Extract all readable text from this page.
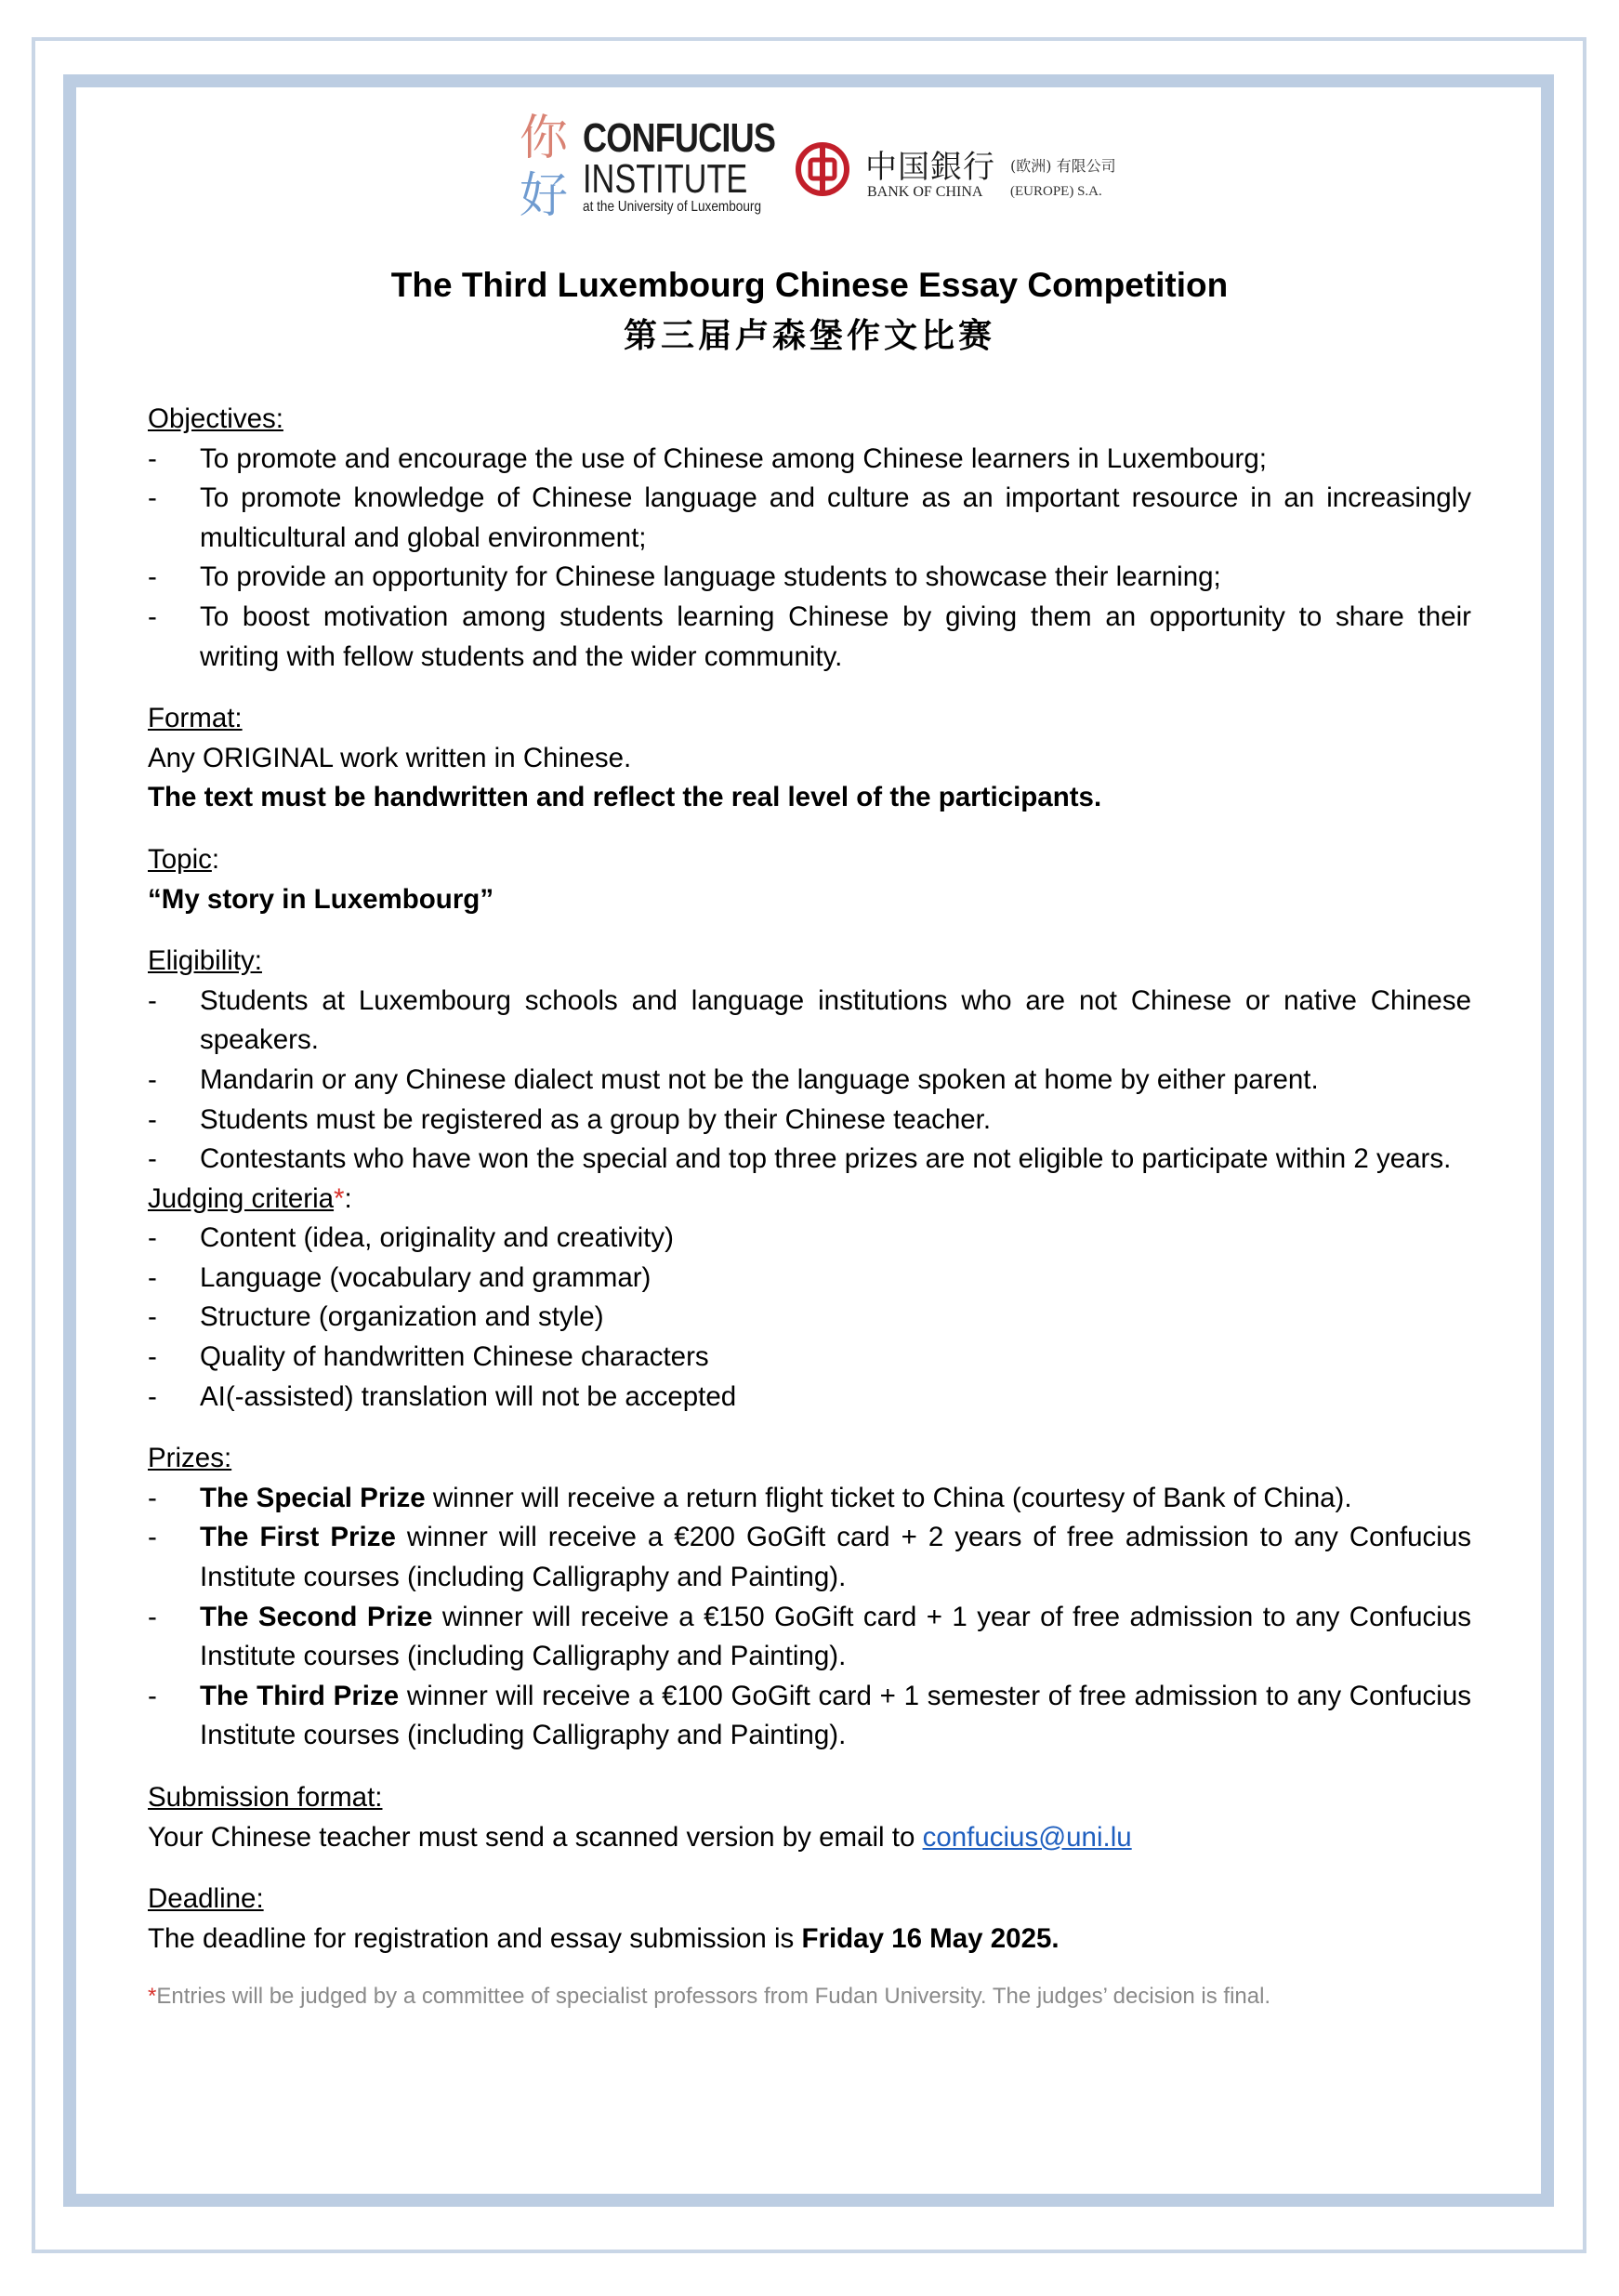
你
好
CONFUCIUS
INSTITUTE
at the University of Luxembourg
中国銀行 (欧洲) 有限公司
BANK OF CHINA (EUROPE) S.A.
The Third Luxembourg Chinese Essay Competition
第三届卢森堡作文比赛
Objectives:
- To promote and encourage the use of Chinese among Chinese learners in Luxembourg;
- To promote knowledge of Chinese language and culture as an important resource in an increasingly multicultural and global environment;
- To provide an opportunity for Chinese language students to showcase their learning;
- To boost motivation among students learning Chinese by giving them an opportunity to share their writing with fellow students and the wider community.
Format:
Any ORIGINAL work written in Chinese.
The text must be handwritten and reflect the real level of the participants.
Topic:
“My story in Luxembourg”
Eligibility:
- Students at Luxembourg schools and language institutions who are not Chinese or native Chinese speakers.
- Mandarin or any Chinese dialect must not be the language spoken at home by either parent.
- Students must be registered as a group by their Chinese teacher.
- Contestants who have won the special and top three prizes are not eligible to participate within 2 years.
Judging criteria*:
- Content (idea, originality and creativity)
- Language (vocabulary and grammar)
- Structure (organization and style)
- Quality of handwritten Chinese characters
- AI(-assisted) translation will not be accepted
Prizes:
- The Special Prize winner will receive a return flight ticket to China (courtesy of Bank of China).
- The First Prize winner will receive a €200 GoGift card + 2 years of free admission to any Confucius Institute courses (including Calligraphy and Painting).
- The Second Prize winner will receive a €150 GoGift card + 1 year of free admission to any Confucius Institute courses (including Calligraphy and Painting).
- The Third Prize winner will receive a €100 GoGift card + 1 semester of free admission to any Confucius Institute courses (including Calligraphy and Painting).
Submission format:
Your Chinese teacher must send a scanned version by email to confucius@uni.lu
Deadline:
The deadline for registration and essay submission is Friday 16 May 2025.
*Entries will be judged by a committee of specialist professors from Fudan University. The judges’ decision is final.
